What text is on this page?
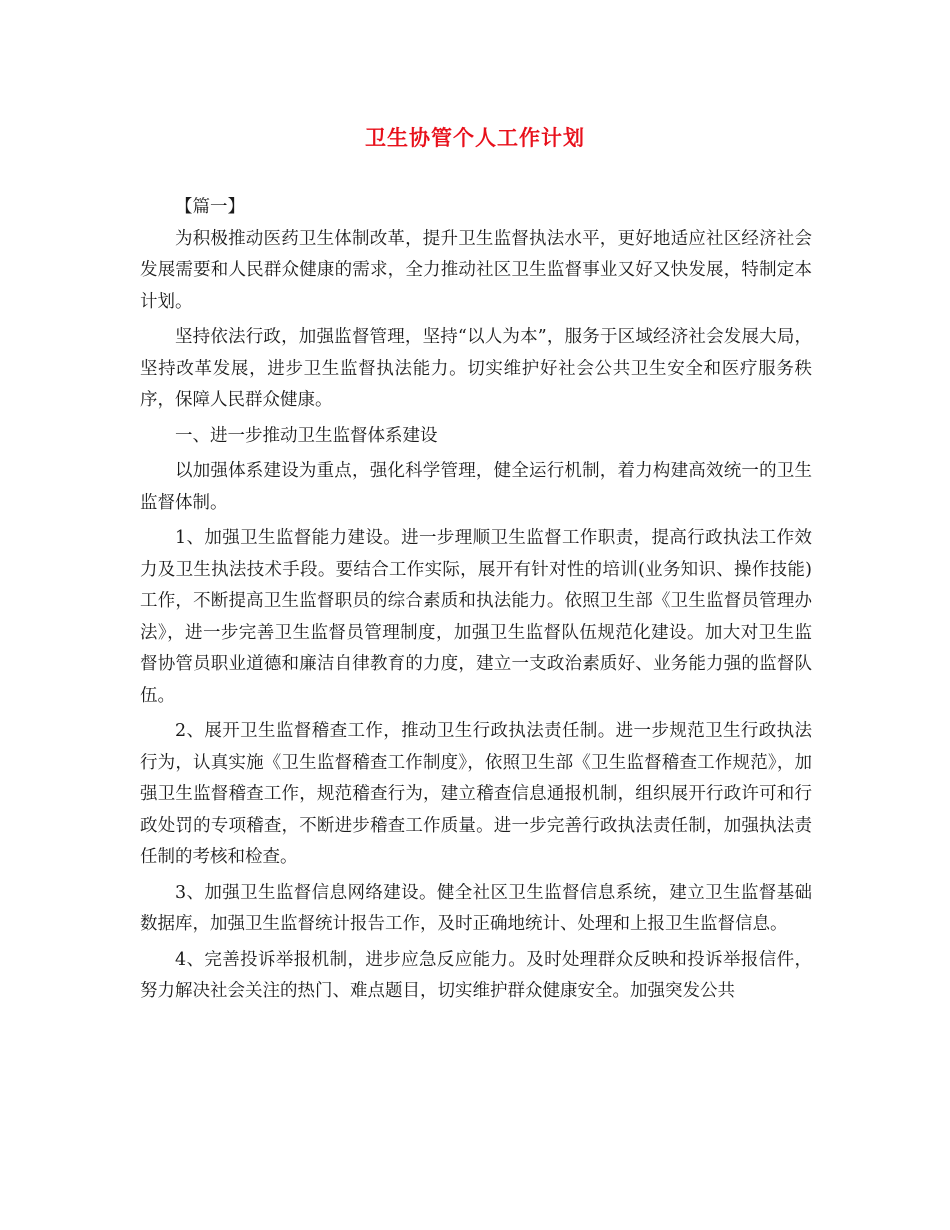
卫生协管个人工作计划

【篇一】

为积极推动医药卫生体制改革，提升卫生监督执法水平，更好地适应社区经济社会发展需要和人民群众健康的需求，全力推动社区卫生监督事业又好又快发展，特制定本计划。

坚持依法行政，加强监督管理，坚持“以人为本”，服务于区域经济社会发展大局，坚持改革发展，进步卫生监督执法能力。切实维护好社会公共卫生安全和医疗服务秩序，保障人民群众健康。

一、进一步推动卫生监督体系建设

以加强体系建设为重点，强化科学管理，健全运行机制，着力构建高效统一的卫生监督体制。

1、加强卫生监督能力建设。进一步理顺卫生监督工作职责，提高行政执法工作效力及卫生执法技术手段。要结合工作实际，展开有针对性的培训(业务知识、操作技能)工作，不断提高卫生监督职员的综合素质和执法能力。依照卫生部《卫生监督员管理办法》，进一步完善卫生监督员管理制度，加强卫生监督队伍规范化建设。加大对卫生监督协管员职业道德和廉洁自律教育的力度，建立一支政治素质好、业务能力强的监督队伍。

2、展开卫生监督稽查工作，推动卫生行政执法责任制。进一步规范卫生行政执法行为，认真实施《卫生监督稽查工作制度》，依照卫生部《卫生监督稽查工作规范》，加强卫生监督稽查工作，规范稽查行为，建立稽查信息通报机制，组织展开行政许可和行政处罚的专项稽查，不断进步稽查工作质量。进一步完善行政执法责任制，加强执法责任制的考核和检查。

3、加强卫生监督信息网络建设。健全社区卫生监督信息系统，建立卫生监督基础数据库，加强卫生监督统计报告工作，及时正确地统计、处理和上报卫生监督信息。

4、完善投诉举报机制，进步应急反应能力。及时处理群众反映和投诉举报信件，努力解决社会关注的热门、难点题目，切实维护群众健康安全。加强突发公共
